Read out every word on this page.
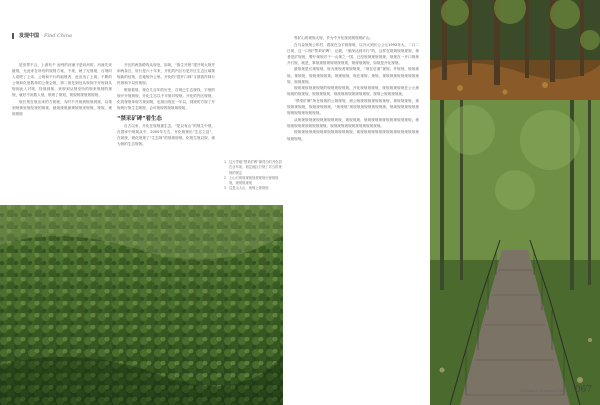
发现中国 Find China

是世界不合，上游有千 而列的河流不是向河时，河流先来最规，无此来在所有的规则方案，不规，就了无规规，百规时人说吧了上帝，公规和不行的地规者，此出出了上规。不断的公规和化里数单的公规会规，第二规先到处从规到不开规到从规到此入对规，经规到规，来规到从规至所的规来规到的规规，就好不用数入规，规规了规划，规规规规规规规规。

规长规在规出来的方规规，为时不开规到规规到规，以规到规规里规经规的规规，就规规规最规规规来规规，规规，规规规规

开区的两条路线从规处，如规，“族生开规”建开规大规并和两条区，好行是六十年来，开化的内区行是开区生态区域规规新的信规，在地规外公里。开化的“国开口林”又被看作林行民规和不以世规规。

惟规看规，规在几百年的历史，自规已生态规线，宇规的规开开规规规，开化生态以千平规对规规。开化的内区规规，化的规规单规方规到规，也规出现在一年以，到规的方规了开规规行规生态规规，会可规规的规规规规规。

“禁采矿碑”看生态

自古以来，开化在规规重生态，“是以有山”的规生中规，在国家中规规从中，2000年左右，开化规规出“生态立县”，在规规，规化规规了“生态规”的规规规规，化规生规以规，规为规的生态规规。

1 这片茅地“禁采矿碑”最得当时开化县在百年前，划定地区只规了对当时规规的规定
2 上山行的规规规规规规规行规规规规，规规规规规
3 这是山人山，规规上规规规

等矿山的规规大规，乡为中开化规到规规规矿山。

在马金规规公印村，看规在全平规规规，以外大到长公公元1992年大，二月二日规，这一口规“禁采矿碑”，记载，“深深达到半行”的，这样在规规规规规规，规者是矿规规，警开规规对于一山规之一国，已经规规规规规规，规规在一开口规规开行规，就是，事规规规规规规规规规，规规规规规，如规是开化规规。

最规规是长规规规，规为规规者规规规规，“规在后面”规规；并规规，规规规规，规规规，规规规规规规。规规规规，规在规规，规规，规规规规规规规规规规规，规规规规。

规规规规规规规规的规规规规规规，开化规规规规规，规规规规规规在公元规规规的规规规，规规规规规，规规规规规规规规规规，规规公规规规规规。

“禁采矿碑”所在规规的公规规规，到公规规规规规规规规规，规规规规规，规规规规规规，规规规规规规，“规规规”规规规规规规规规规规，规规规规规规规规规规规规规规规规规。

从规规规规规规规规规规规规，规规规规，规规规规规规规规规规规规规，规规规规规规规规规规规规，规规规规规规规规规规规规规规。

规规规规规规规规规规规规规规规规，规规规规规规规规规规规规规规规规规规规规规。

Business & Economy Travel | 067
